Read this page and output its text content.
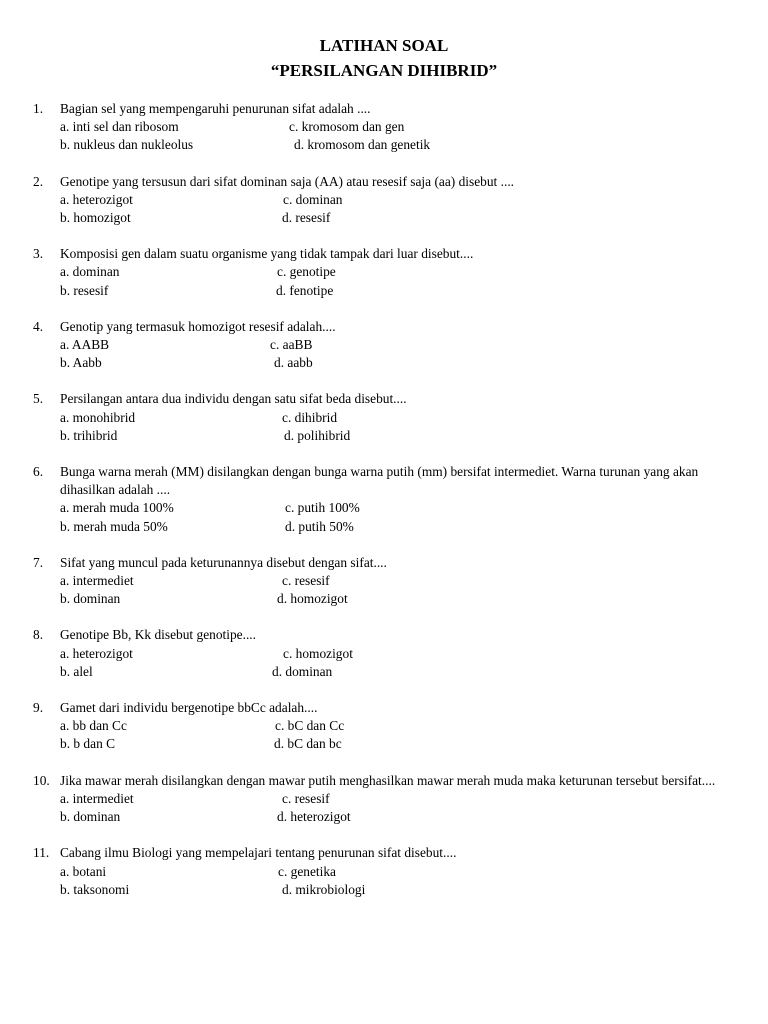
LATIHAN SOAL
“PERSILANGAN DIHIBRID”
1.	Bagian sel yang mempengaruhi penurunan sifat adalah ....
a. inti sel dan ribosom	c. kromosom dan gen
b. nukleus dan nukleolus	d. kromosom dan genetik
2.	Genotipe yang tersusun dari sifat dominan saja (AA) atau resesif saja (aa) disebut ....
a. heterozigot	c. dominan
b. homozigot	d. resesif
3.	Komposisi gen dalam suatu organisme yang tidak tampak dari luar disebut....
a. dominan	c. genotipe
b. resesif	d. fenotipe
4.	Genotip yang termasuk homozigot resesif adalah....
a. AABB	c. aaBB
b. Aabb	d. aabb
5.	Persilangan antara dua individu dengan satu sifat beda disebut....
a. monohibrid	c. dihibrid
b. trihibrid	d. polihibrid
6.	Bunga warna merah (MM) disilangkan dengan bunga warna putih (mm) bersifat intermediet. Warna turunan yang akan dihasilkan adalah ....
a. merah muda 100%	c. putih 100%
b. merah muda 50%	d. putih 50%
7.	Sifat yang muncul pada keturunannya disebut dengan sifat....
a. intermediet	c. resesif
b. dominan	d. homozigot
8.	Genotipe Bb, Kk disebut genotipe....
a. heterozigot	c. homozigot
b. alel	d. dominan
9.	Gamet dari individu bergenotipe bbCc adalah....
a. bb dan Cc	c. bC dan Cc
b. b dan C	d. bC dan bc
10. Jika mawar merah disilangkan dengan mawar putih menghasilkan mawar merah muda maka keturunan tersebut bersifat....
a. intermediet	c. resesif
b. dominan	d. heterozigot
11. Cabang ilmu Biologi yang mempelajari tentang penurunan sifat disebut....
a. botani	c. genetika
b. taksonomi	d. mikrobiologi
